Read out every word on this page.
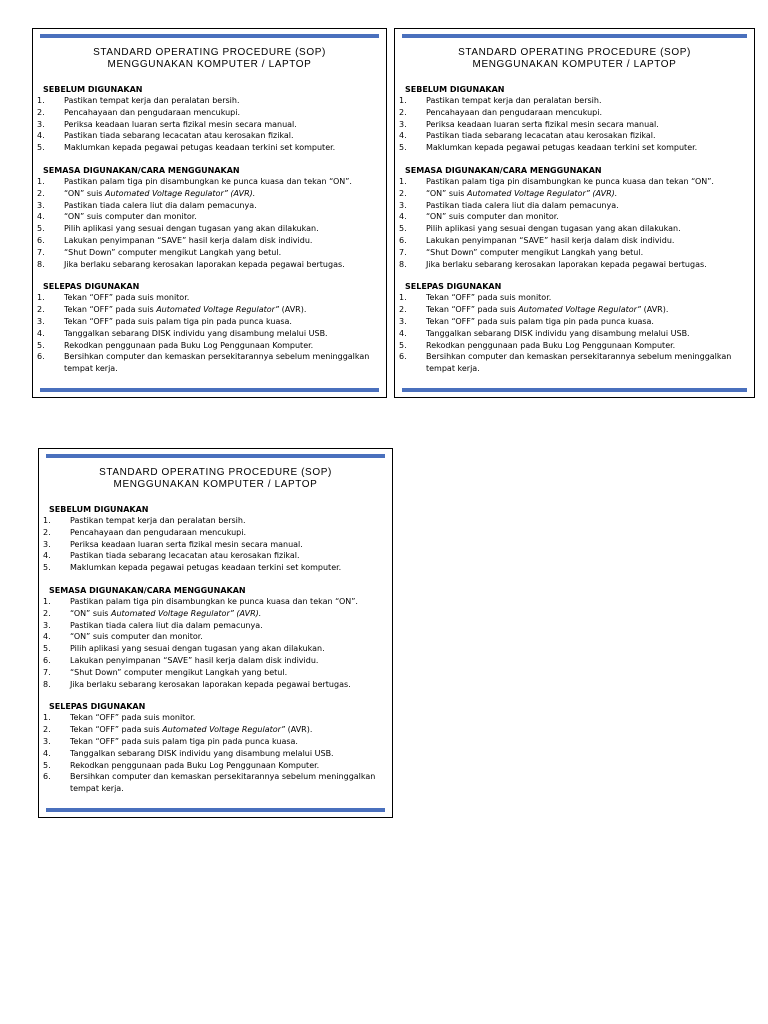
STANDARD OPERATING PROCEDURE (SOP)
MENGGUNAKAN KOMPUTER / LAPTOP
SEBELUM DIGUNAKAN
1.	Pastikan tempat kerja dan peralatan bersih.
2.	Pencahayaan dan pengudaraan mencukupi.
3.	Periksa keadaan luaran serta fizikal mesin secara manual.
4.	Pastikan tiada sebarang lecacatan atau kerosakan fizikal.
5.	Maklumkan kepada pegawai petugas keadaan terkini set komputer.
SEMASA DIGUNAKAN/CARA MENGGUNAKAN
1.	Pastikan palam tiga pin disambungkan ke punca kuasa dan tekan “ON”.
2.	“ON” suis Automated Voltage Regulator” (AVR).
3.	Pastikan tiada calera liut dia dalam pemacunya.
4.	“ON” suis computer dan monitor.
5.	Pilih aplikasi yang sesuai dengan tugasan yang akan dilakukan.
6.	Lakukan penyimpanan “SAVE” hasil kerja dalam disk individu.
7.	“Shut Down” computer mengikut Langkah yang betul.
8.	Jika berlaku sebarang kerosakan laporakan kepada pegawai bertugas.
SELEPAS DIGUNAKAN
1.	Tekan “OFF” pada suis monitor.
2.	Tekan “OFF” pada suis Automated Voltage Regulator” (AVR).
3.	Tekan “OFF” pada suis palam tiga pin pada punca kuasa.
4.	Tanggalkan sebarang DISK individu yang disambung melalui USB.
5.	Rekodkan penggunaan pada Buku Log Penggunaan Komputer.
6.	Bersihkan computer dan kemaskan persekitarannya sebelum meninggalkan tempat kerja.
STANDARD OPERATING PROCEDURE (SOP)
MENGGUNAKAN KOMPUTER / LAPTOP
SEBELUM DIGUNAKAN
1.	Pastikan tempat kerja dan peralatan bersih.
2.	Pencahayaan dan pengudaraan mencukupi.
3.	Periksa keadaan luaran serta fizikal mesin secara manual.
4.	Pastikan tiada sebarang lecacatan atau kerosakan fizikal.
5.	Maklumkan kepada pegawai petugas keadaan terkini set komputer.
SEMASA DIGUNAKAN/CARA MENGGUNAKAN
1.	Pastikan palam tiga pin disambungkan ke punca kuasa dan tekan “ON”.
2.	“ON” suis Automated Voltage Regulator” (AVR).
3.	Pastikan tiada calera liut dia dalam pemacunya.
4.	“ON” suis computer dan monitor.
5.	Pilih aplikasi yang sesuai dengan tugasan yang akan dilakukan.
6.	Lakukan penyimpanan “SAVE” hasil kerja dalam disk individu.
7.	“Shut Down” computer mengikut Langkah yang betul.
8.	Jika berlaku sebarang kerosakan laporakan kepada pegawai bertugas.
SELEPAS DIGUNAKAN
1.	Tekan “OFF” pada suis monitor.
2.	Tekan “OFF” pada suis Automated Voltage Regulator” (AVR).
3.	Tekan “OFF” pada suis palam tiga pin pada punca kuasa.
4.	Tanggalkan sebarang DISK individu yang disambung melalui USB.
5.	Rekodkan penggunaan pada Buku Log Penggunaan Komputer.
6.	Bersihkan computer dan kemaskan persekitarannya sebelum meninggalkan tempat kerja.
STANDARD OPERATING PROCEDURE (SOP)
MENGGUNAKAN KOMPUTER / LAPTOP
SEBELUM DIGUNAKAN
1.	Pastikan tempat kerja dan peralatan bersih.
2.	Pencahayaan dan pengudaraan mencukupi.
3.	Periksa keadaan luaran serta fizikal mesin secara manual.
4.	Pastikan tiada sebarang lecacatan atau kerosakan fizikal.
5.	Maklumkan kepada pegawai petugas keadaan terkini set komputer.
SEMASA DIGUNAKAN/CARA MENGGUNAKAN
1.	Pastikan palam tiga pin disambungkan ke punca kuasa dan tekan “ON”.
2.	“ON” suis Automated Voltage Regulator” (AVR).
3.	Pastikan tiada calera liut dia dalam pemacunya.
4.	“ON” suis computer dan monitor.
5.	Pilih aplikasi yang sesuai dengan tugasan yang akan dilakukan.
6.	Lakukan penyimpanan “SAVE” hasil kerja dalam disk individu.
7.	“Shut Down” computer mengikut Langkah yang betul.
8.	Jika berlaku sebarang kerosakan laporakan kepada pegawai bertugas.
SELEPAS DIGUNAKAN
1.	Tekan “OFF” pada suis monitor.
2.	Tekan “OFF” pada suis Automated Voltage Regulator” (AVR).
3.	Tekan “OFF” pada suis palam tiga pin pada punca kuasa.
4.	Tanggalkan sebarang DISK individu yang disambung melalui USB.
5.	Rekodkan penggunaan pada Buku Log Penggunaan Komputer.
6.	Bersihkan computer dan kemaskan persekitarannya sebelum meninggalkan tempat kerja.
